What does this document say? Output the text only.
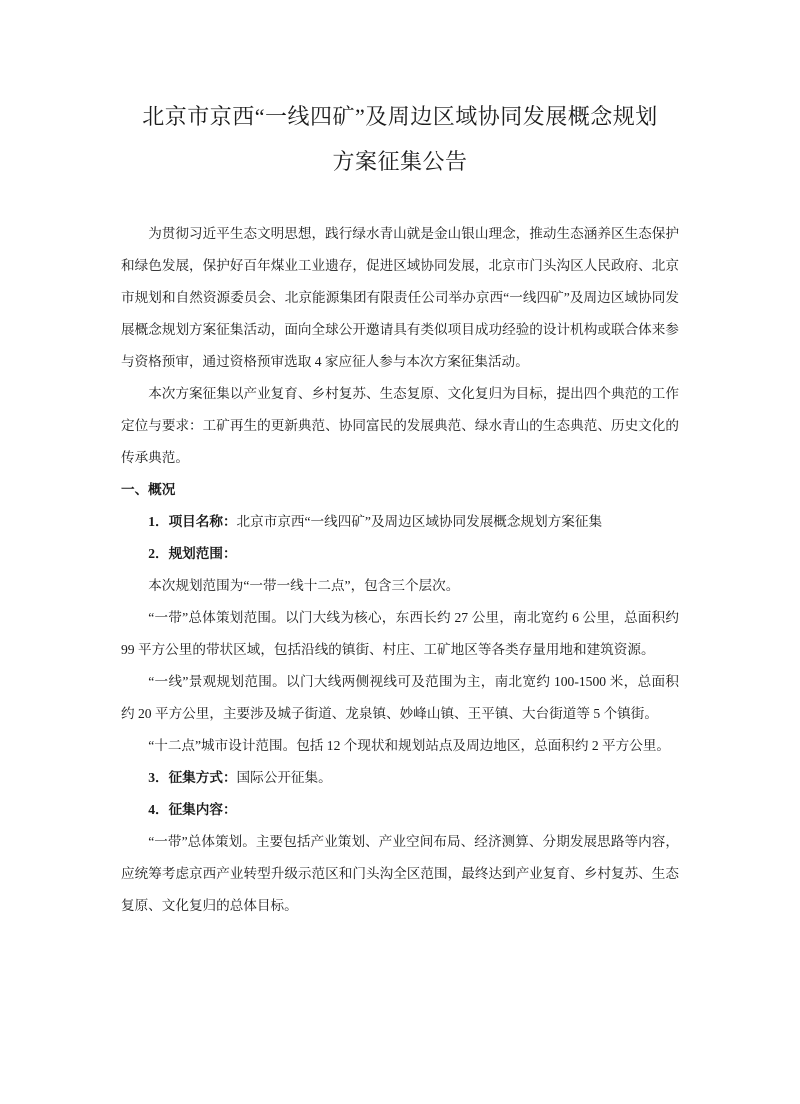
北京市京西“一线四矿”及周边区域协同发展概念规划
方案征集公告

为贯彻习近平生态文明思想，践行绿水青山就是金山银山理念，推动生态涵养区生态保护和绿色发展，保护好百年煤业工业遗存，促进区域协同发展，北京市门头沟区人民政府、北京市规划和自然资源委员会、北京能源集团有限责任公司举办京西“一线四矿”及周边区域协同发展概念规划方案征集活动，面向全球公开邀请具有类似项目成功经验的设计机构或联合体来参与资格预审，通过资格预审选取 4 家应征人参与本次方案征集活动。

本次方案征集以产业复育、乡村复苏、生态复原、文化复归为目标，提出四个典范的工作定位与要求：工矿再生的更新典范、协同富民的发展典范、绿水青山的生态典范、历史文化的传承典范。

一、概况

1．项目名称：北京市京西“一线四矿”及周边区域协同发展概念规划方案征集

2．规划范围：

本次规划范围为“一带一线十二点”，包含三个层次。

“一带”总体策划范围。以门大线为核心，东西长约 27 公里，南北宽约 6 公里，总面积约 99 平方公里的带状区域，包括沿线的镇街、村庄、工矿地区等各类存量用地和建筑资源。

“一线”景观规划范围。以门大线两侧视线可及范围为主，南北宽约 100-1500 米，总面积约 20 平方公里，主要涉及城子街道、龙泉镇、妙峰山镇、王平镇、大台街道等 5 个镇街。

“十二点”城市设计范围。包括 12 个现状和规划站点及周边地区，总面积约 2 平方公里。

3．征集方式：国际公开征集。

4．征集内容：

“一带”总体策划。主要包括产业策划、产业空间布局、经济测算、分期发展思路等内容，应统筹考虑京西产业转型升级示范区和门头沟全区范围，最终达到产业复育、乡村复苏、生态复原、文化复归的总体目标。
